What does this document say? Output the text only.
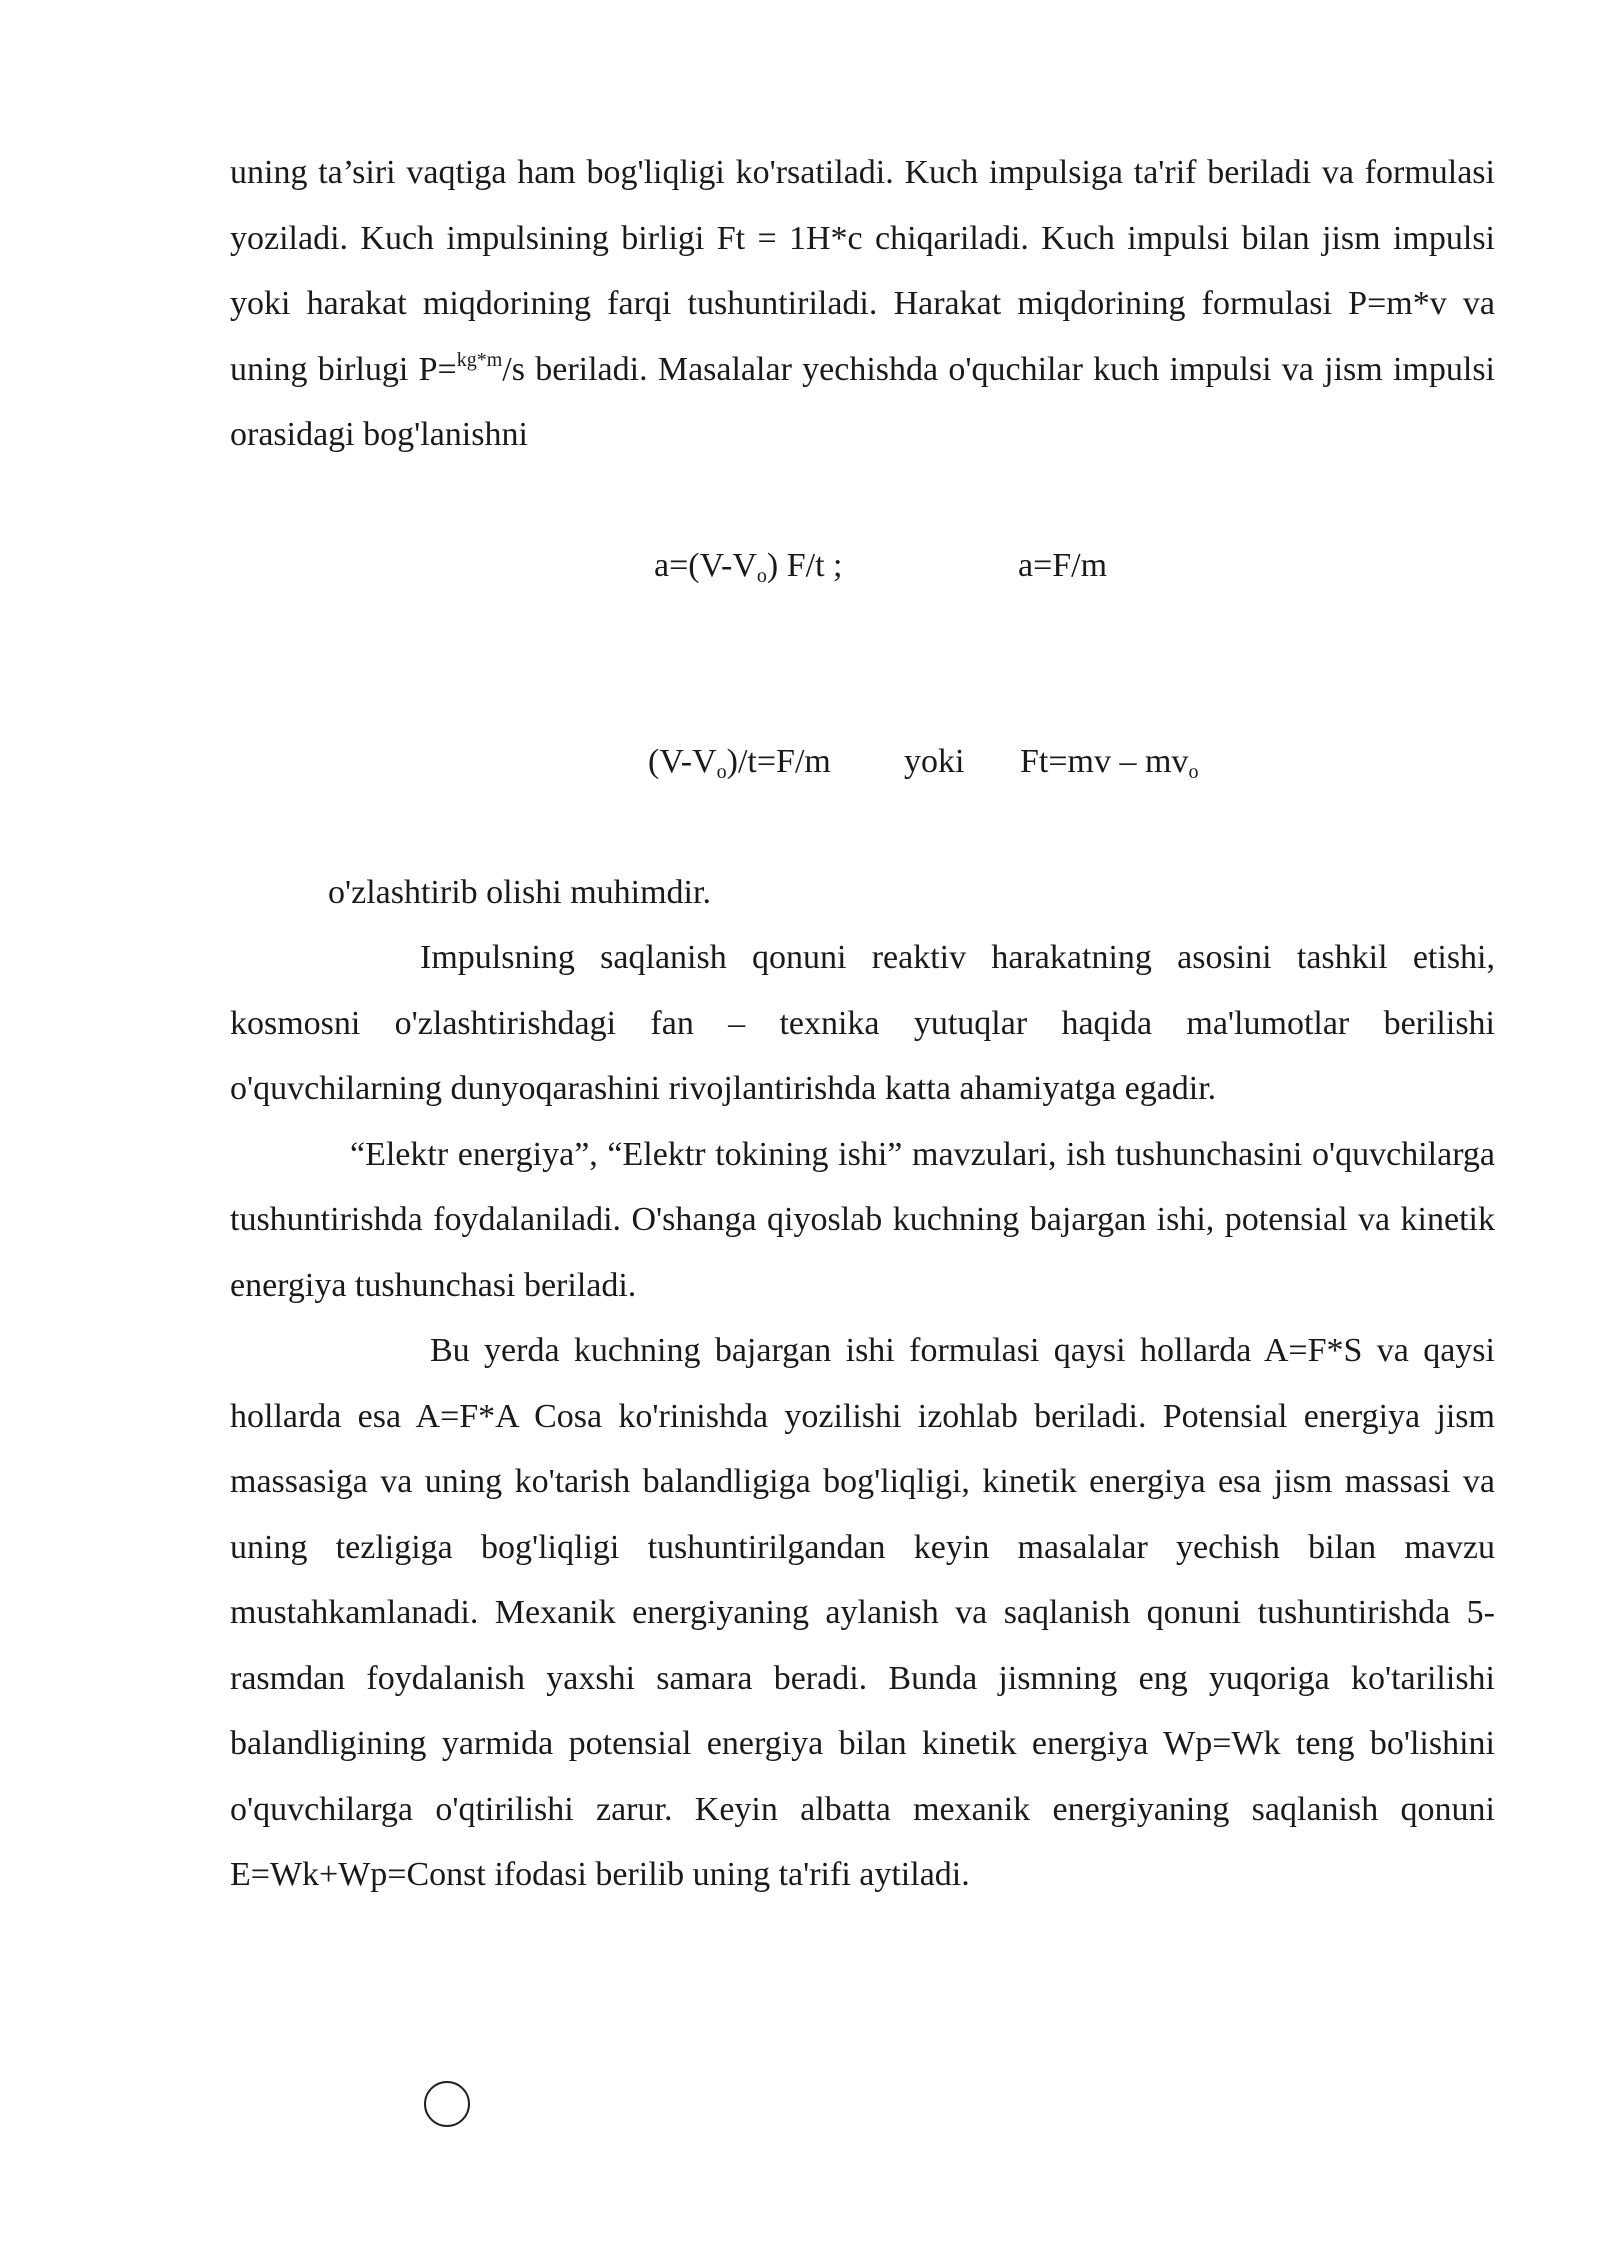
uning ta’siri vaqtiga ham bog'liqligi ko'rsatiladi. Kuch impulsiga ta'rif beriladi va formulasi yoziladi. Kuch impulsining birligi Ft = 1H*c chiqariladi. Kuch impulsi bilan jism impulsi yoki harakat miqdorining farqi tushuntiriladi. Harakat miqdorining formulasi P=m*v va uning birlugi P=$^{kg*m}$/s beriladi. Masalalar yechishda o'quchilar kuch impulsi va jism impulsi orasidagi bog'lanishni

$a=(V-V_o)$ F/t ;	a=F/m
$(V-V_o)/t=F/m$ yoki $Ft=mv - mv_o$

o'zlashtirib olishi muhimdir.

Impulsning saqlanish qonuni reaktiv harakatning asosini tashkil etishi, kosmosni o'zlashtirishdagi fan – texnika yutuqlar haqida ma'lumotlar berilishi o'quvchilarning dunyoqarashini rivojlantirishda katta ahamiyatga egadir.

“Elektr energiya”, “Elektr tokining ishi” mavzulari, ish tushunchasini o'quvchilarga tushuntirishda foydalaniladi. O'shanga qiyoslab kuchning bajargan ishi, potensial va kinetik energiya tushunchasi beriladi.

Bu yerda kuchning bajargan ishi formulasi qaysi hollarda A=F*S va qaysi hollarda esa A=F*A Cosa ko'rinishda yozilishi izohlab beriladi. Potensial energiya jism massasiga va uning ko'tarish balandligiga bog'liqligi, kinetik energiya esa jism massasi va uning tezligiga bog'liqligi tushuntirilgandan keyin masalalar yechish bilan mavzu mustahkamlanadi. Mexanik energiyaning aylanish va saqlanish qonuni tushuntirishda 5-rasmdan foydalanish yaxshi samara beradi. Bunda jismning eng yuqoriga ko'tarilishi balandligining yarmida potensial energiya bilan kinetik energiya Wp=Wk teng bo'lishini o'quvchilarga o'qtirilishi zarur. Keyin albatta mexanik energiyaning saqlanish qonuni E=Wk+Wp=Const ifodasi berilib uning ta'rifi aytiladi.
